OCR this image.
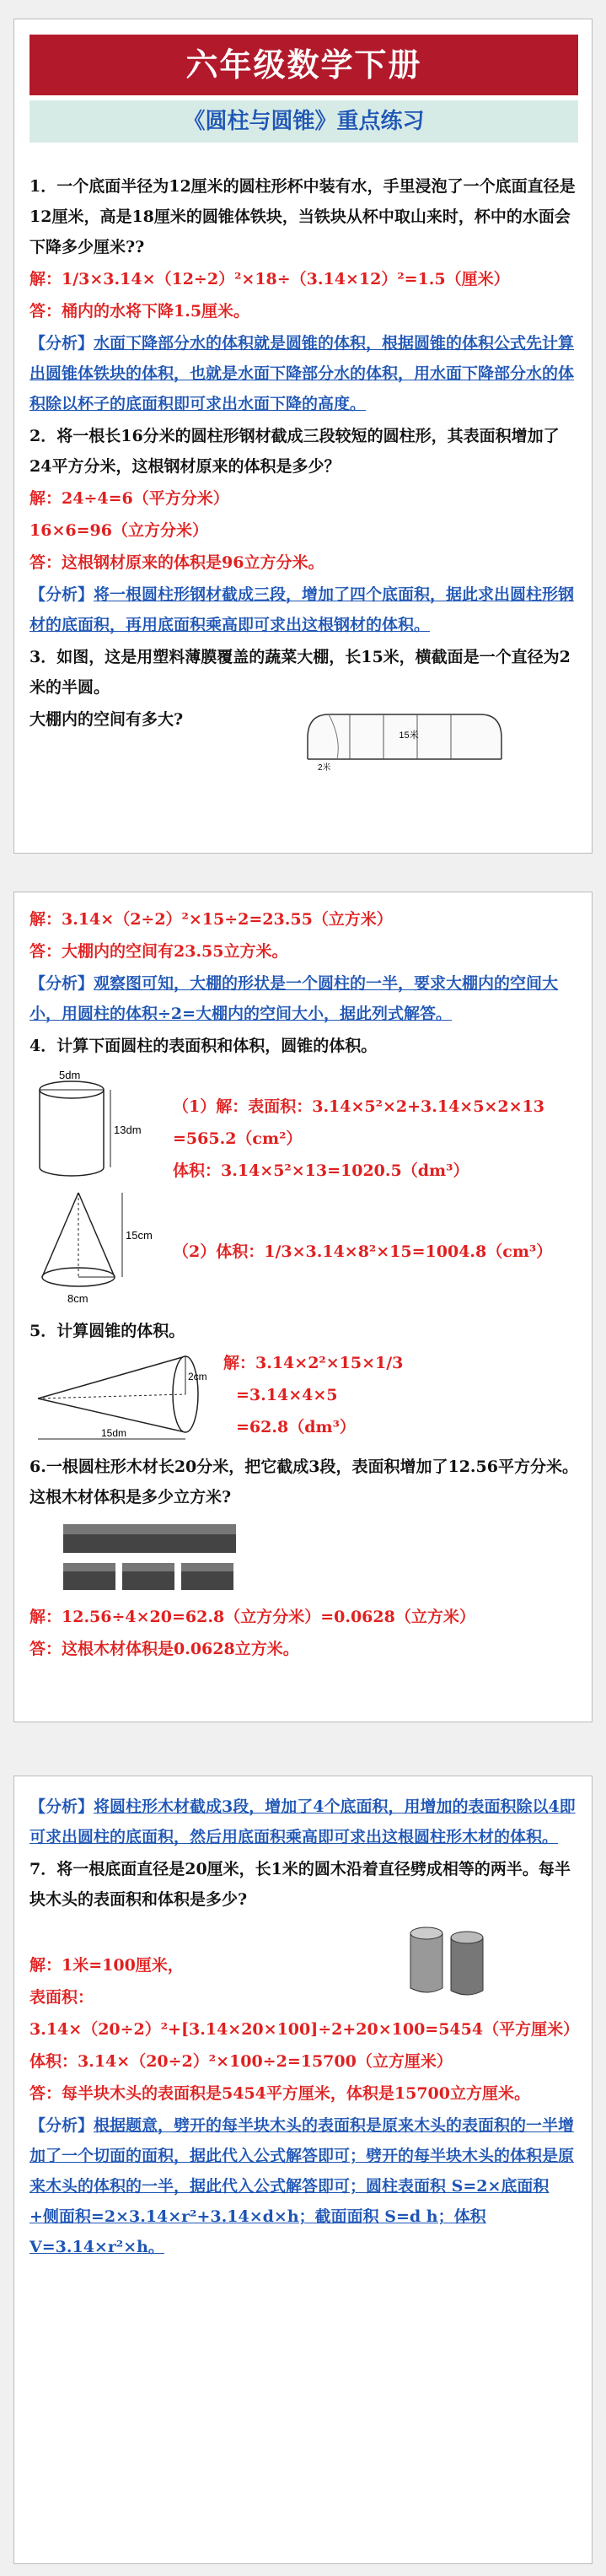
六年级数学下册
《圆柱与圆锥》重点练习

1．一个底面半径为12厘米的圆柱形杯中装有水，手里浸泡了一个底面直径是12厘米，高是18厘米的圆锥体铁块，当铁块从杯中取山来时，杯中的水面会下降多少厘米??

解：1/3×3.14×（12÷2）²×18÷（3.14×12）²=1.5（厘米）

答：桶内的水将下降1.5厘米。

【分析】水面下降部分水的体积就是圆锥的体积，根据圆锥的体积公式先计算出圆锥体铁块的体积，也就是水面下降部分水的体积，用水面下降部分水的体积除以杯子的底面积即可求出水面下降的高度。

2．将一根长16分米的圆柱形钢材截成三段较短的圆柱形，其表面积增加了24平方分米，这根钢材原来的体积是多少？

解：24÷4=6（平方分米）

16×6=96（立方分米）

答：这根钢材原来的体积是96立方分米。

【分析】将一根圆柱形钢材截成三段，增加了四个底面积，据此求出圆柱形钢材的底面积，再用底面积乘高即可求出这根钢材的体积。

3．如图，这是用塑料薄膜覆盖的蔬菜大棚，长15米，横截面是一个直径为2米的半圆。

大棚内的空间有多大?

15米
2米

解：3.14×（2÷2）²×15÷2=23.55（立方米）

答：大棚内的空间有23.55立方米。

【分析】观察图可知，大棚的形状是一个圆柱的一半，要求大棚内的空间大小，用圆柱的体积÷2=大棚内的空间大小，据此列式解答。

4．计算下面圆柱的表面积和体积，圆锥的体积。

5dm
13dm
15cm
8cm

（1）解：表面积：3.14×5²×2+3.14×5×2×13

=565.2（cm²）

体积：3.14×5²×13=1020.5（dm³）

（2）体积：1/3×3.14×8²×15=1004.8（cm³）

5．计算圆锥的体积。

2cm
15dm

解：3.14×2²×15×1/3

=3.14×4×5

=62.8（dm³）

6.一根圆柱形木材长20分米，把它截成3段，表面积增加了12.56平方分米。这根木材体积是多少立方米?

解：12.56÷4×20=62.8（立方分米）=0.0628（立方米）

答：这根木材体积是0.0628立方米。

【分析】将圆柱形木材截成3段，增加了4个底面积，用增加的表面积除以4即可求出圆柱的底面积，然后用底面积乘高即可求出这根圆柱形木材的体积。

7．将一根底面直径是20厘米，长1米的圆木沿着直径劈成相等的两半。每半块木头的表面积和体积是多少?

解：1米=100厘米，

表面积：

3.14×（20÷2）²+[3.14×20×100]÷2+20×100=5454（平方厘米）

体积：3.14×（20÷2）²×100÷2=15700（立方厘米）

答：每半块木头的表面积是5454平方厘米，体积是15700立方厘米。

【分析】根据题意，劈开的每半块木头的表面积是原来木头的表面积的一半增加了一个切面的面积，据此代入公式解答即可；劈开的每半块木头的体积是原来木头的体积的一半，据此代入公式解答即可；圆柱表面积 S=2×底面积+侧面积=2×3.14×r²+3.14×d×h；截面面积 S=d h；体积 V=3.14×r²×h。
